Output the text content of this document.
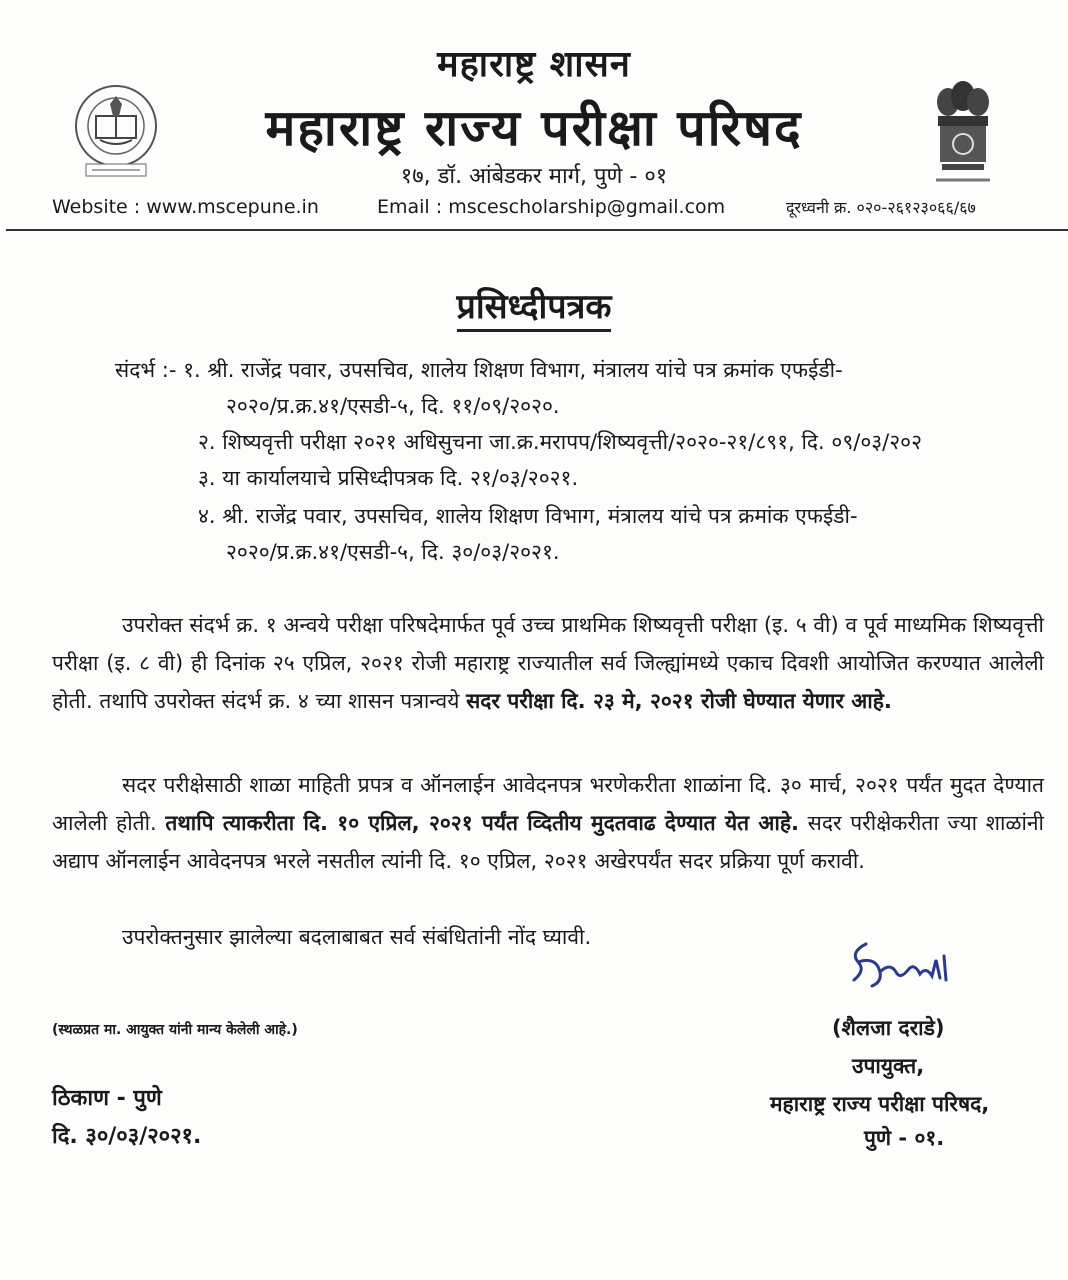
महाराष्ट्र शासन
महाराष्ट्र राज्य परीक्षा परिषद
१७, डॉ. आंबेडकर मार्ग, पुणे - ०१
Website : www.mscepune.in	Email : mscescholarship@gmail.com	दूरध्वनी क्र. ०२०-२६१२३०६६/६७
प्रसिध्दीपत्रक
संदर्भ :- १. श्री. राजेंद्र पवार, उपसचिव, शालेय शिक्षण विभाग, मंत्रालय यांचे पत्र क्रमांक एफईडी-
२०२०/प्र.क्र.४१/एसडी-५, दि. ११/०९/२०२०.
२. शिष्यवृत्ती परीक्षा २०२१ अधिसुचना जा.क्र.मरापप/शिष्यवृत्ती/२०२०-२१/८९१, दि. ०९/०३/२०२
३. या कार्यालयाचे प्रसिध्दीपत्रक दि. २१/०३/२०२१.
४. श्री. राजेंद्र पवार, उपसचिव, शालेय शिक्षण विभाग, मंत्रालय यांचे पत्र क्रमांक एफईडी-
२०२०/प्र.क्र.४१/एसडी-५, दि. ३०/०३/२०२१.
उपरोक्त संदर्भ क्र. १ अन्वये परीक्षा परिषदेमार्फत पूर्व उच्च प्राथमिक शिष्यवृत्ती परीक्षा (इ. ५ वी) व पूर्व माध्यमिक शिष्यवृत्ती परीक्षा (इ. ८ वी) ही दिनांक २५ एप्रिल, २०२१ रोजी महाराष्ट्र राज्यातील सर्व जिल्ह्यांमध्ये एकाच दिवशी आयोजित करण्यात आलेली होती. तथापि उपरोक्त संदर्भ क्र. ४ च्या शासन पत्रान्वये सदर परीक्षा दि. २३ मे, २०२१ रोजी घेण्यात येणार आहे.
सदर परीक्षेसाठी शाळा माहिती प्रपत्र व ऑनलाईन आवेदनपत्र भरणेकरीता शाळांना दि. ३० मार्च, २०२१ पर्यंत मुदत देण्यात आलेली होती. तथापि त्याकरीता दि. १० एप्रिल, २०२१ पर्यंत व्दितीय मुदतवाढ देण्यात येत आहे. सदर परीक्षेकरीता ज्या शाळांनी अद्याप ऑनलाईन आवेदनपत्र भरले नसतील त्यांनी दि. १० एप्रिल, २०२१ अखेरपर्यंत सदर प्रक्रिया पूर्ण करावी.
उपरोक्तनुसार झालेल्या बदलाबाबत सर्व संबंधितांनी नोंद घ्यावी.
(स्थळप्रत मा. आयुक्त यांनी मान्य केलेली आहे.)	(शैलजा दराडे)
उपायुक्त,
महाराष्ट्र राज्य परीक्षा परिषद,
पुणे - ०१.
ठिकाण - पुणे
दि. ३०/०३/२०२१.
